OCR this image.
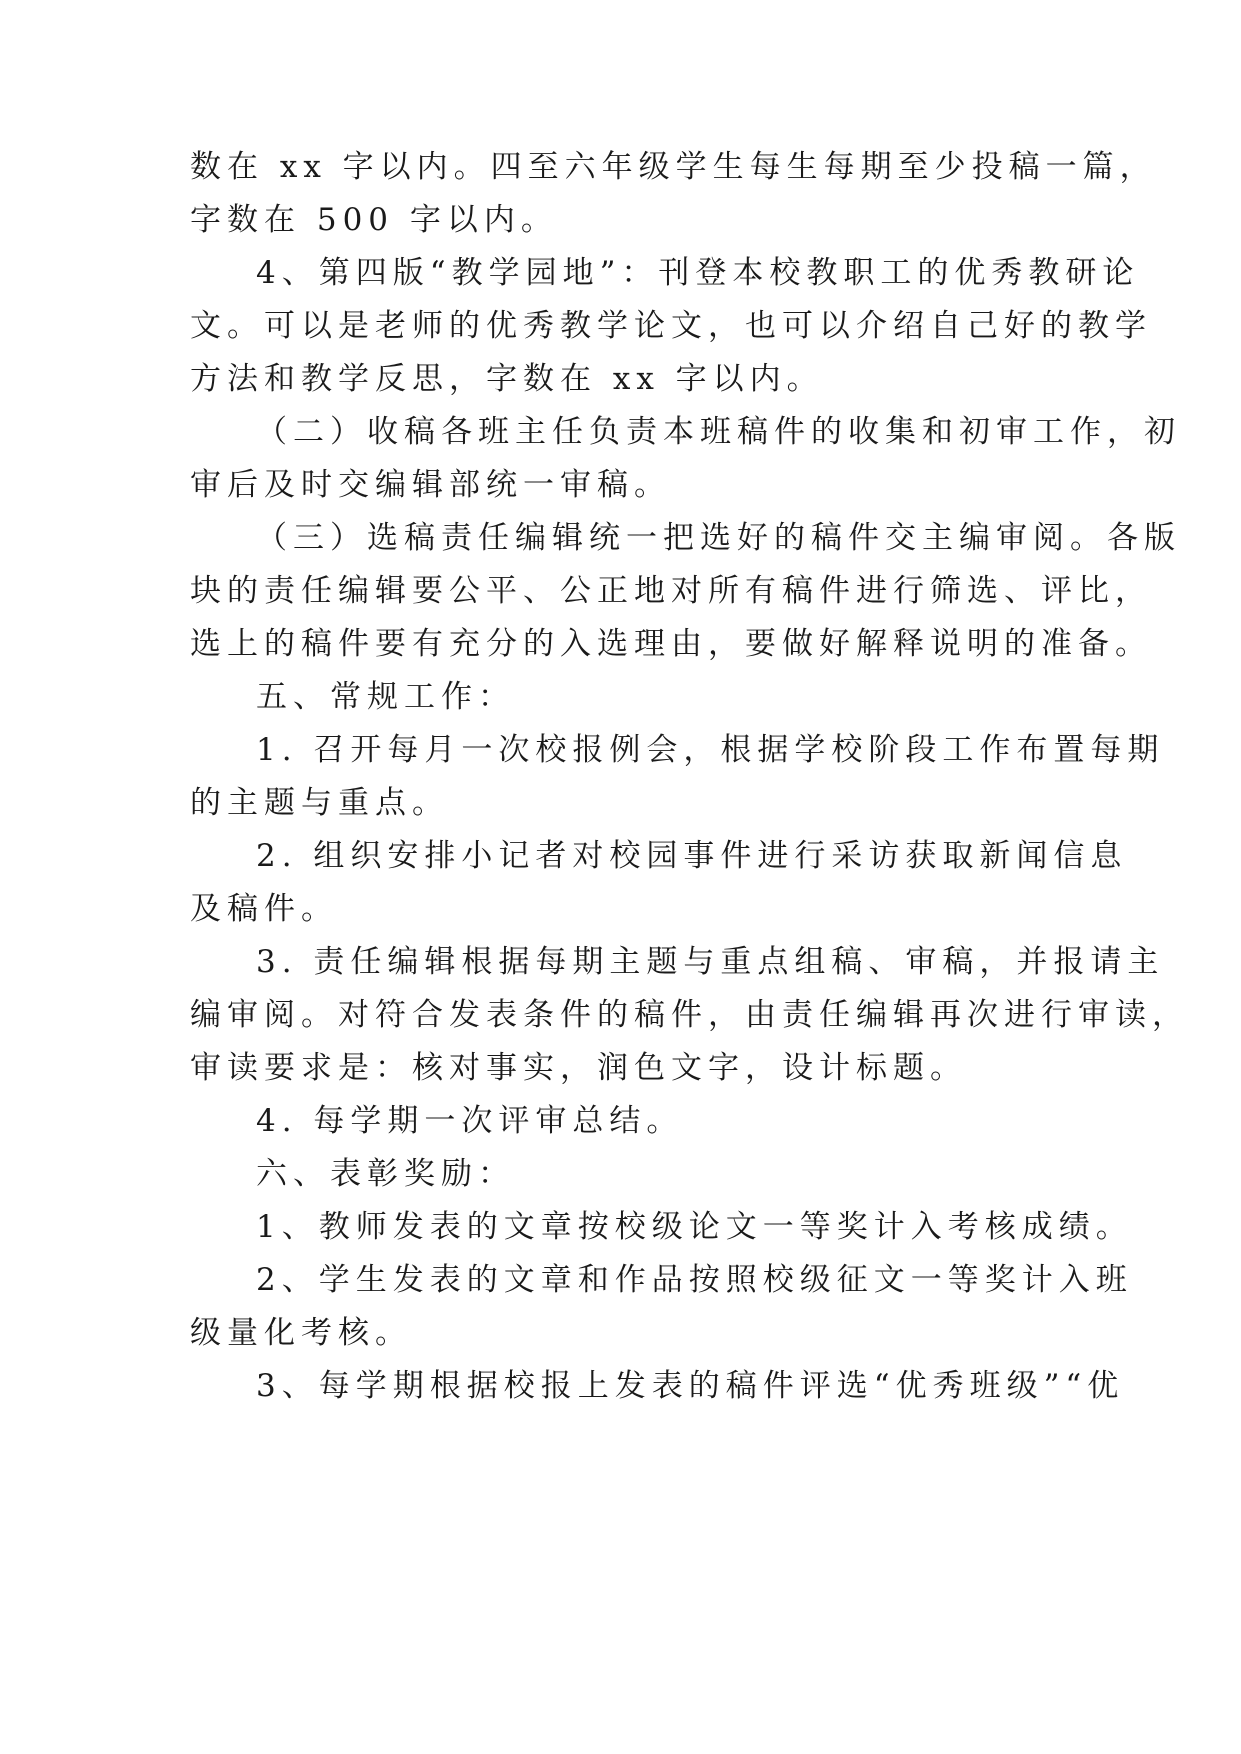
数在 xx 字以内。四至六年级学生每生每期至少投稿一篇，
字数在 500 字以内。
4、第四版“教学园地”：刊登本校教职工的优秀教研论
文。可以是老师的优秀教学论文，也可以介绍自己好的教学
方法和教学反思，字数在 xx 字以内。
（二）收稿各班主任负责本班稿件的收集和初审工作，初
审后及时交编辑部统一审稿。
（三）选稿责任编辑统一把选好的稿件交主编审阅。各版
块的责任编辑要公平、公正地对所有稿件进行筛选、评比，
选上的稿件要有充分的入选理由，要做好解释说明的准备。
五、常规工作：
1. 召开每月一次校报例会，根据学校阶段工作布置每期
的主题与重点。
2. 组织安排小记者对校园事件进行采访获取新闻信息
及稿件。
3. 责任编辑根据每期主题与重点组稿、审稿，并报请主
编审阅。对符合发表条件的稿件，由责任编辑再次进行审读，
审读要求是：核对事实，润色文字，设计标题。
4. 每学期一次评审总结。
六、表彰奖励：
1、教师发表的文章按校级论文一等奖计入考核成绩。
2、学生发表的文章和作品按照校级征文一等奖计入班
级量化考核。
3、每学期根据校报上发表的稿件评选“优秀班级”“优
